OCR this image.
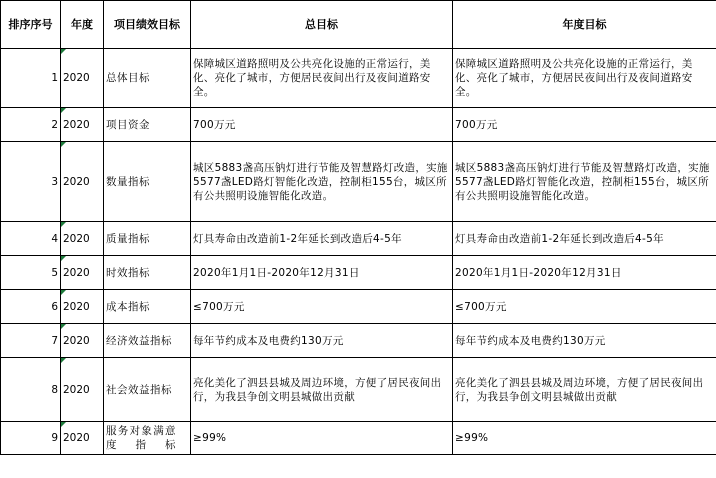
排序序号	年度	项目绩效目标	总目标	年度目标
1	2020	总体目标	保障城区道路照明及公共亮化设施的正常运行，美化、亮化了城市，方便居民夜间出行及夜间道路安全。	保障城区道路照明及公共亮化设施的正常运行，美化、亮化了城市，方便居民夜间出行及夜间道路安全。
2	2020	项目资金	700万元	700万元
3	2020	数量指标	城区5883盏高压钠灯进行节能及智慧路灯改造，实施5577盏LED路灯智能化改造，控制柜155台，城区所有公共照明设施智能化改造。	城区5883盏高压钠灯进行节能及智慧路灯改造，实施5577盏LED路灯智能化改造，控制柜155台，城区所有公共照明设施智能化改造。
4	2020	质量指标	灯具寿命由改造前1-2年延长到改造后4-5年	灯具寿命由改造前1-2年延长到改造后4-5年
5	2020	时效指标	2020年1月1日-2020年12月31日	2020年1月1日-2020年12月31日
6	2020	成本指标	≤700万元	≤700万元
7	2020	经济效益指标	每年节约成本及电费约130万元	每年节约成本及电费约130万元
8	2020	社会效益指标	亮化美化了泗县县城及周边环境，方便了居民夜间出行，为我县争创文明县城做出贡献	亮化美化了泗县县城及周边环境，方便了居民夜间出行，为我县争创文明县城做出贡献
9	2020	服务对象满意度指标	≥99%	≥99%
